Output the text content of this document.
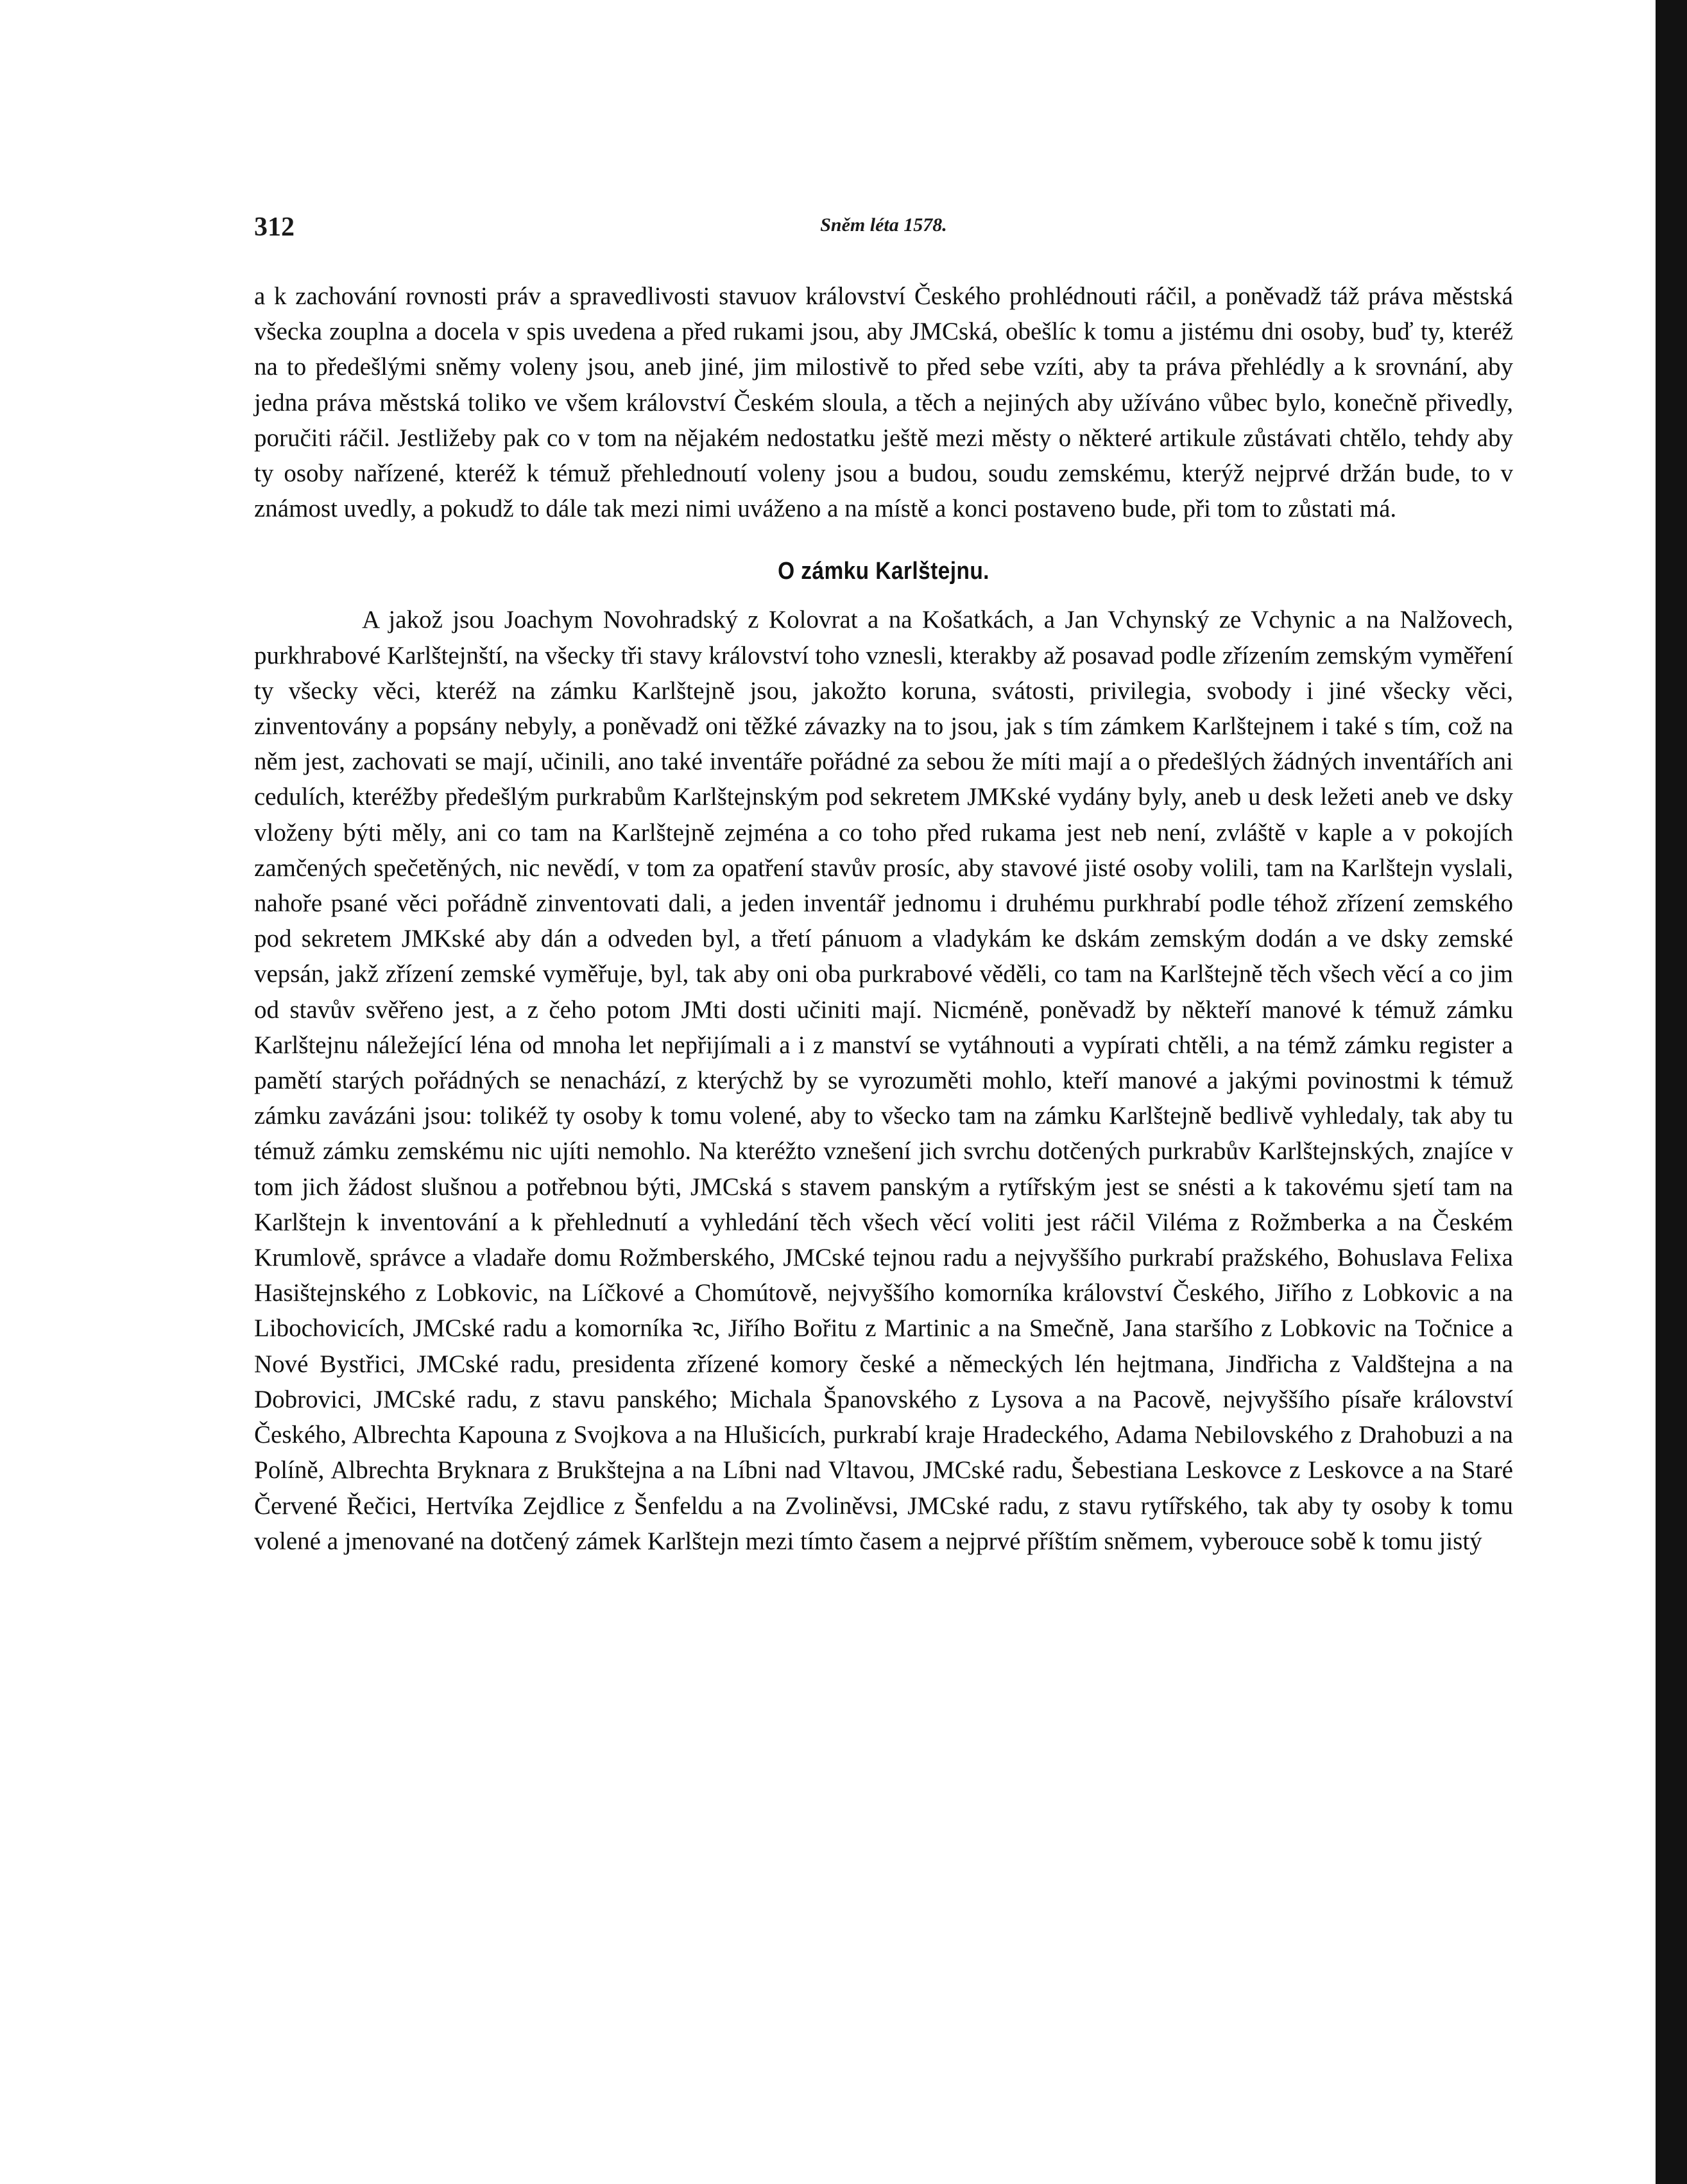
312	Sněm léta 1578.

a k zachování rovnosti práv a spravedlivosti stavuov království Českého prohlédnouti ráčil, a poněvadž táž práva městská všecka zouplna a docela v spis uvedena a před rukami jsou, aby JMCská, obešlíc k tomu a jistému dni osoby, buď ty, kteréž na to předešlými sněmy voleny jsou, aneb jiné, jim milostivě to před sebe vzíti, aby ta práva přehlédly a k srovnání, aby jedna práva městská toliko ve všem království Českém sloula, a těch a nejiných aby užíváno vůbec bylo, konečně přivedly, poručiti ráčil. Jestližeby pak co v tom na nějakém nedostatku ještě mezi městy o některé artikule zůstávati chtělo, tehdy aby ty osoby nařízené, kteréž k témuž přehlednoutí voleny jsou a budou, soudu zemskému, kterýž nejprvé držán bude, to v známost uvedly, a pokudž to dále tak mezi nimi uváženo a na místě a konci postaveno bude, při tom to zůstati má.

O zámku Karlštejnu.

A jakož jsou Joachym Novohradský z Kolovrat a na Košatkách, a Jan Vchynský ze Vchynic a na Nalžovech, purkhrabové Karlštejnští, na všecky tři stavy království toho vznesli, kterakby až posavad podle zřízením zemským vyměření ty všecky věci, kteréž na zámku Karlštejně jsou, jakožto koruna, svátosti, privilegia, svobody i jiné všecky věci, zinventovány a popsány nebyly, a poněvadž oni těžké závazky na to jsou, jak s tím zámkem Karlštejnem i také s tím, což na něm jest, zachovati se mají, učinili, ano také inventáře pořádné za sebou že míti mají a o předešlých žádných inventářích ani cedulích, kteréžby předešlým purkrabům Karlštejnským pod sekretem JMKské vydány byly, aneb u desk ležeti aneb ve dsky vloženy býti měly, ani co tam na Karlštejně zejména a co toho před rukama jest neb není, zvláště v kaple a v pokojích zamčených spečetěných, nic nevědí, v tom za opatření stavův prosíc, aby stavové jisté osoby volili, tam na Karlštejn vyslali, nahoře psané věci pořádně zinventovati dali, a jeden inventář jednomu i druhému purkhrabí podle téhož zřízení zemského pod sekretem JMKské aby dán a odveden byl, a třetí pánuom a vladykám ke dskám zemským dodán a ve dsky zemské vepsán, jakž zřízení zemské vyměřuje, byl, tak aby oni oba purkrabové věděli, co tam na Karlštejně těch všech věcí a co jim od stavův svěřeno jest, a z čeho potom JMti dosti učiniti mají. Nicméně, poněvadž by někteří manové k témuž zámku Karlštejnu náležející léna od mnoha let nepřijímali a i z manství se vytáhnouti a vypírati chtěli, a na témž zámku register a pamětí starých pořádných se nenachází, z kterýchž by se vyrozuměti mohlo, kteří manové a jakými povinostmi k témuž zámku zavázáni jsou: tolikéž ty osoby k tomu volené, aby to všecko tam na zámku Karlštejně bedlivě vyhledaly, tak aby tu témuž zámku zemskému nic ujíti nemohlo. Na kteréžto vznešení jich svrchu dotčených purkrabův Karlštejnských, znajíce v tom jich žádost slušnou a potřebnou býti, JMCská s stavem panským a rytířským jest se snésti a k takovému sjetí tam na Karlštejn k inventování a k přehlednutí a vyhledání těch všech věcí voliti jest ráčil Viléma z Rožmberka a na Českém Krumlově, správce a vladaře domu Rožmberského, JMCské tejnou radu a nejvyššího purkrabí pražského, Bohuslava Felixa Hasištejnského z Lobkovic, na Líčkové a Chomútově, nejvyššího komorníka království Českého, Jiřího z Lobkovic a na Libochovicích, JMCské radu a komorníka ꝛc, Jiřího Bořitu z Martinic a na Smečně, Jana staršího z Lobkovic na Točnice a Nové Bystřici, JMCské radu, presidenta zřízené komory české a německých lén hejtmana, Jindřicha z Valdštejna a na Dobrovici, JMCské radu, z stavu panského; Michala Španovského z Lysova a na Pacově, nejvyššího písaře království Českého, Albrechta Kapouna z Svojkova a na Hlušicích, purkrabí kraje Hradeckého, Adama Nebilovského z Drahobuzi a na Políně, Albrechta Bryknara z Brukštejna a na Líbni nad Vltavou, JMCské radu, Šebestiana Leskovce z Leskovce a na Staré Červené Řečici, Hertvíka Zejdlice z Šenfeldu a na Zvoliněvsi, JMCské radu, z stavu rytířského, tak aby ty osoby k tomu volené a jmenované na dotčený zámek Karlštejn mezi tímto časem a nejprvé příštím sněmem, vyberouce sobě k tomu jistý
